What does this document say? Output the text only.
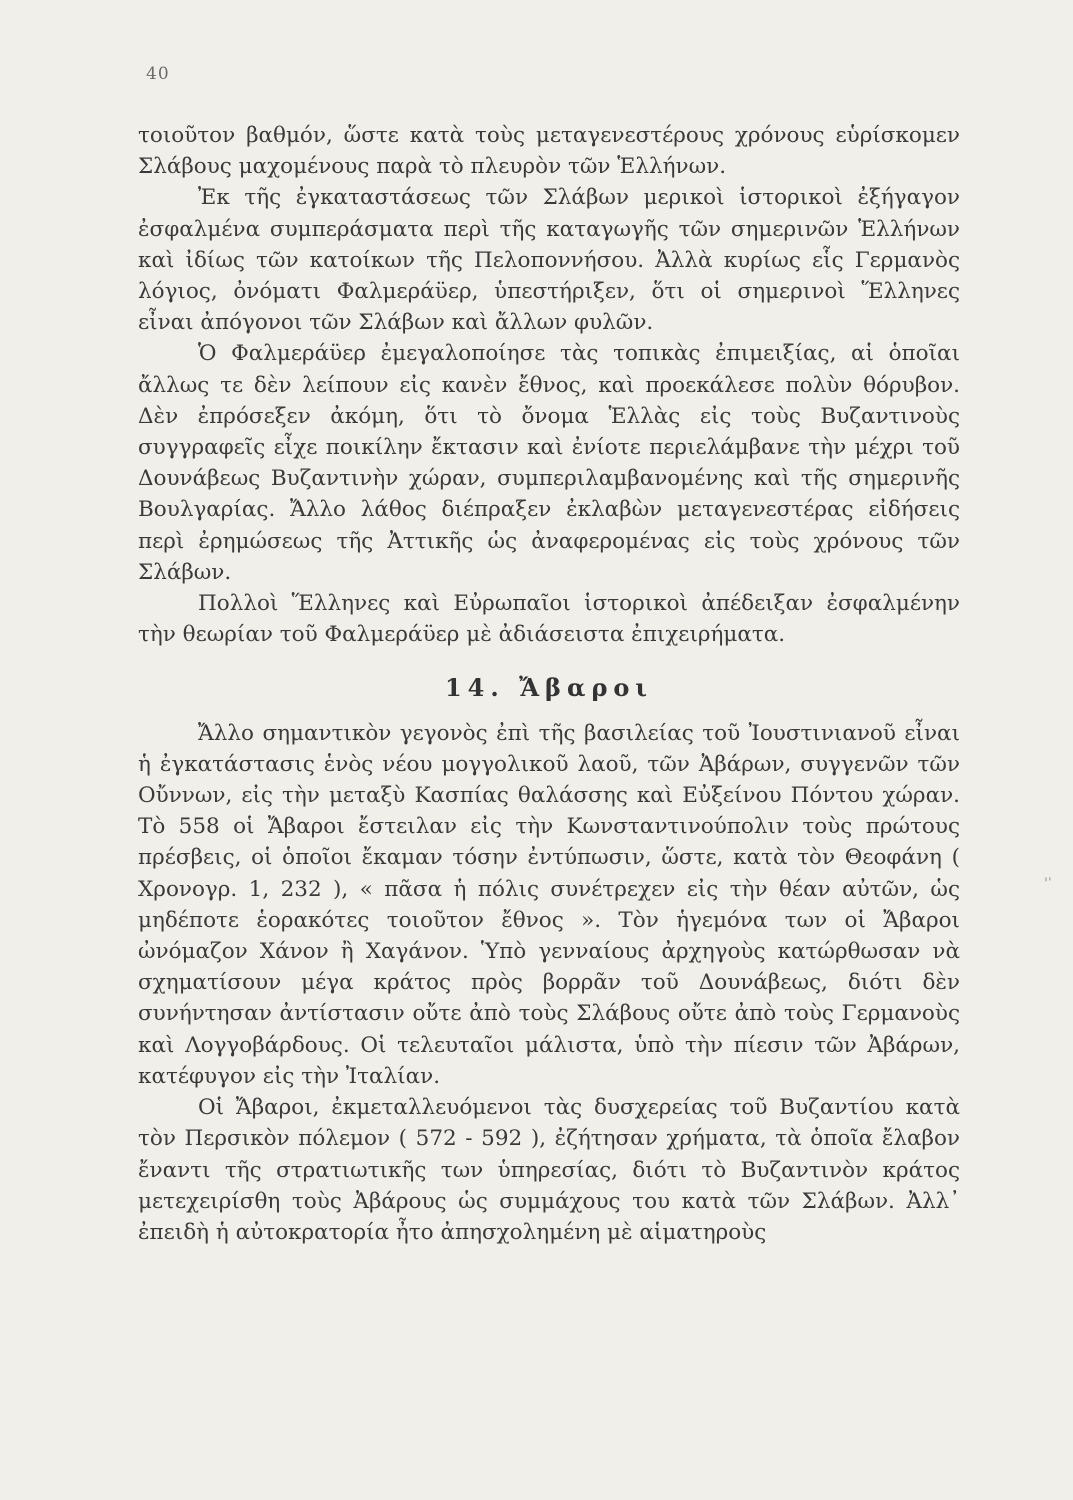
40

τοιοῦτον βαθμόν, ὥστε κατὰ τοὺς μεταγενεστέρους χρόνους εὑρίσκομεν Σλάβους μαχομένους παρὰ τὸ πλευρὸν τῶν Ἑλλήνων.

Ἐκ τῆς ἐγκαταστάσεως τῶν Σλάβων μερικοὶ ἱστορικοὶ ἐξήγαγον ἐσφαλμένα συμπεράσματα περὶ τῆς καταγωγῆς τῶν σημερινῶν Ἑλλήνων καὶ ἰδίως τῶν κατοίκων τῆς Πελοποννήσου. Ἀλλὰ κυρίως εἷς Γερμανὸς λόγιος, ὀνόματι Φαλμεράϋερ, ὑπεστήριξεν, ὅτι οἱ σημερινοὶ Ἕλληνες εἶναι ἀπόγονοι τῶν Σλάβων καὶ ἄλλων φυλῶν.

Ὁ Φαλμεράϋερ ἐμεγαλοποίησε τὰς τοπικὰς ἐπιμειξίας, αἱ ὁποῖαι ἄλλως τε δὲν λείπουν εἰς κανὲν ἔθνος, καὶ προεκάλεσε πολὺν θόρυβον. Δὲν ἐπρόσεξεν ἀκόμη, ὅτι τὸ ὄνομα Ἑλλὰς εἰς τοὺς Βυζαντινοὺς συγγραφεῖς εἶχε ποικίλην ἔκτασιν καὶ ἐνίοτε περιελάμβανε τὴν μέχρι τοῦ Δουνάβεως Βυζαντινὴν χώραν, συμπεριλαμβανομένης καὶ τῆς σημερινῆς Βουλγαρίας. Ἄλλο λάθος διέπραξεν ἐκλαβὼν μεταγενεστέρας εἰδήσεις περὶ ἐρημώσεως τῆς Ἀττικῆς ὡς ἀναφερομένας εἰς τοὺς χρόνους τῶν Σλάβων.

Πολλοὶ Ἕλληνες καὶ Εὐρωπαῖοι ἱστορικοὶ ἀπέδειξαν ἐσφαλμένην τὴν θεωρίαν τοῦ Φαλμεράϋερ μὲ ἀδιάσειστα ἐπιχειρήματα.

14. Ἄβαροι

Ἄλλο σημαντικὸν γεγονὸς ἐπὶ τῆς βασιλείας τοῦ Ἰουστινιανοῦ εἶναι ἡ ἐγκατάστασις ἑνὸς νέου μογγολικοῦ λαοῦ, τῶν Ἀβάρων, συγγενῶν τῶν Οὔννων, εἰς τὴν μεταξὺ Κασπίας θαλάσσης καὶ Εὐξείνου Πόντου χώραν. Τὸ 558 οἱ Ἄβαροι ἔστειλαν εἰς τὴν Κωνσταντινούπολιν τοὺς πρώτους πρέσβεις, οἱ ὁποῖοι ἔκαμαν τόσην ἐντύπωσιν, ὥστε, κατὰ τὸν Θεοφάνη ( Χρονογρ. 1, 232 ), « πᾶσα ἡ πόλις συνέτρεχεν εἰς τὴν θέαν αὐτῶν, ὡς μηδέποτε ἑορακότες τοιοῦτον ἔθνος ». Τὸν ἡγεμόνα των οἱ Ἄβαροι ὠνόμαζον Χάνον ἢ Χαγάνον. Ὑπὸ γενναίους ἀρχηγοὺς κατώρθωσαν νὰ σχηματίσουν μέγα κράτος πρὸς βορρᾶν τοῦ Δουνάβεως, διότι δὲν συνήντησαν ἀντίστασιν οὔτε ἀπὸ τοὺς Σλάβους οὔτε ἀπὸ τοὺς Γερμανοὺς καὶ Λογγοβάρδους. Οἱ τελευταῖοι μάλιστα, ὑπὸ τὴν πίεσιν τῶν Ἀβάρων, κατέφυγον εἰς τὴν Ἰταλίαν.

Οἱ Ἄβαροι, ἐκμεταλλευόμενοι τὰς δυσχερείας τοῦ Βυζαντίου κατὰ τὸν Περσικὸν πόλεμον ( 572 - 592 ), ἐζήτησαν χρήματα, τὰ ὁποῖα ἔλαβον ἔναντι τῆς στρατιωτικῆς των ὑπηρεσίας, διότι τὸ Βυζαντινὸν κράτος μετεχειρίσθη τοὺς Ἀβάρους ὡς συμμάχους του κατὰ τῶν Σλάβων. Ἀλλ᾿ ἐπειδὴ ἡ αὐτοκρατορία ἦτο ἀπησχολημένη μὲ αἱματηροὺς

'ˈ
